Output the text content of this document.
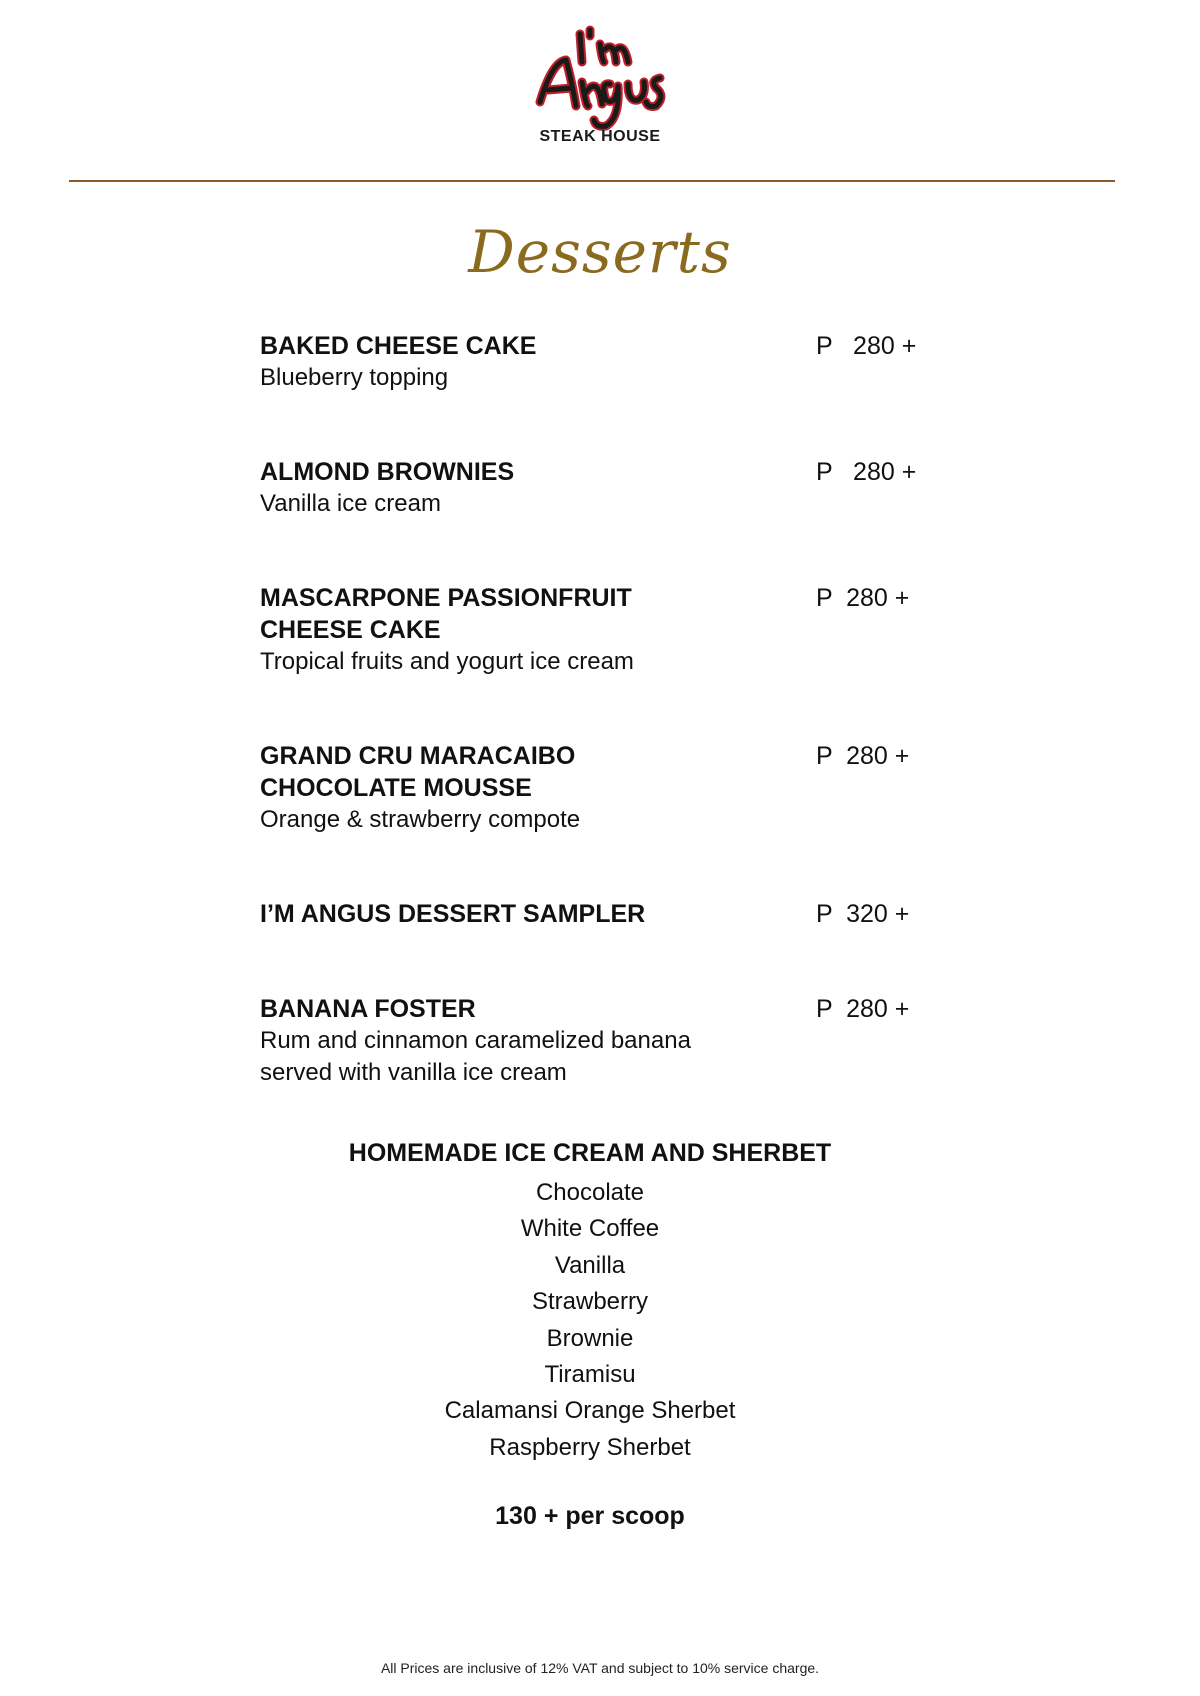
I'm Angus
STEAK HOUSE
Desserts
BAKED CHEESE CAKE
Blueberry topping
P   280 +
ALMOND BROWNIES
Vanilla ice cream
P   280 +
MASCARPONE PASSIONFRUIT CHEESE CAKE
Tropical fruits and yogurt ice cream
P  280 +
GRAND CRU MARACAIBO CHOCOLATE MOUSSE
Orange & strawberry compote
P  280 +
I’M ANGUS DESSERT SAMPLER	P  320 +
BANANA FOSTER
Rum and cinnamon caramelized banana served with vanilla ice cream
P  280 +
HOMEMADE ICE CREAM AND SHERBET
Chocolate
White Coffee
Vanilla
Strawberry
Brownie
Tiramisu
Calamansi Orange Sherbet
Raspberry Sherbet
130 + per scoop
All Prices are inclusive of 12% VAT and subject to 10% service charge.
